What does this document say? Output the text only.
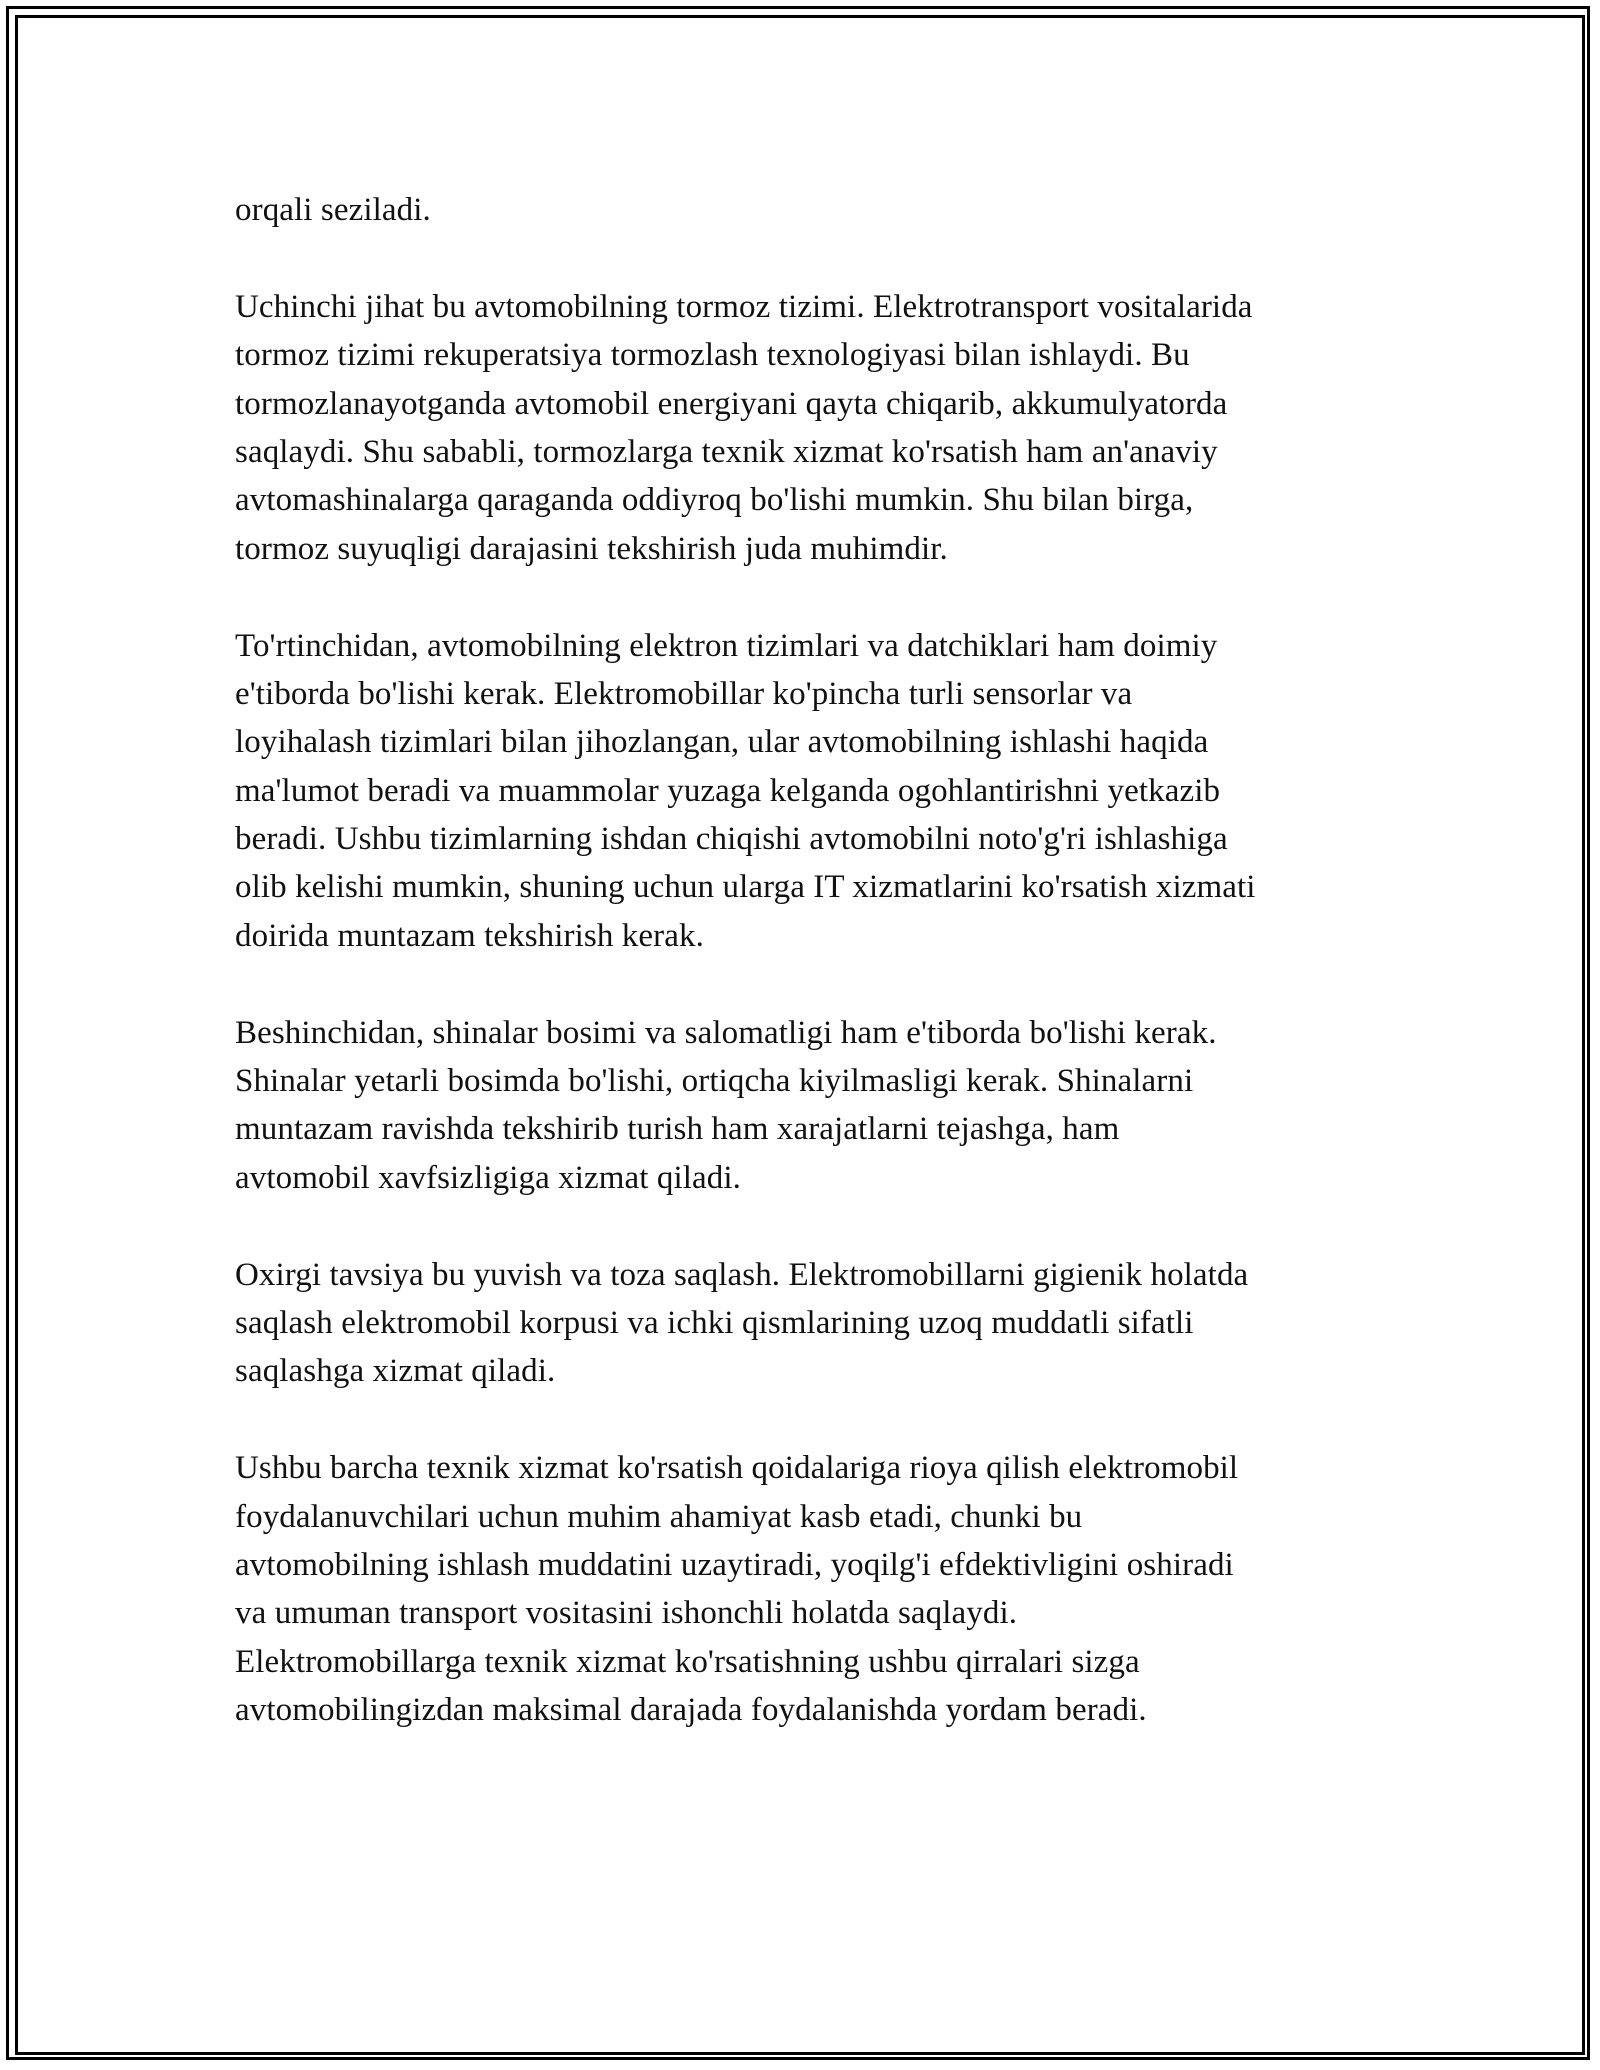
orqali seziladi.
Uchinchi jihat bu avtomobilning tormoz tizimi. Elektrotransport vositalarida
tormoz tizimi rekuperatsiya tormozlash texnologiyasi bilan ishlaydi. Bu
tormozlanayotganda avtomobil energiyani qayta chiqarib, akkumulyatorda
saqlaydi. Shu sababli, tormozlarga texnik xizmat ko'rsatish ham an'anaviy
avtomashinalarga qaraganda oddiyroq bo'lishi mumkin. Shu bilan birga,
tormoz suyuqligi darajasini tekshirish juda muhimdir.
To'rtinchidan, avtomobilning elektron tizimlari va datchiklari ham doimiy
e'tiborda bo'lishi kerak. Elektromobillar ko'pincha turli sensorlar va
loyihalash tizimlari bilan jihozlangan, ular avtomobilning ishlashi haqida
ma'lumot beradi va muammolar yuzaga kelganda ogohlantirishni yetkazib
beradi. Ushbu tizimlarning ishdan chiqishi avtomobilni noto'g'ri ishlashiga
olib kelishi mumkin, shuning uchun ularga IT xizmatlarini ko'rsatish xizmati
doirida muntazam tekshirish kerak.
Beshinchidan, shinalar bosimi va salomatligi ham e'tiborda bo'lishi kerak.
Shinalar yetarli bosimda bo'lishi, ortiqcha kiyilmasligi kerak. Shinalarni
muntazam ravishda tekshirib turish ham xarajatlarni tejashga, ham
avtomobil xavfsizligiga xizmat qiladi.
Oxirgi tavsiya bu yuvish va toza saqlash. Elektromobillarni gigienik holatda
saqlash elektromobil korpusi va ichki qismlarining uzoq muddatli sifatli
saqlashga xizmat qiladi.
Ushbu barcha texnik xizmat ko'rsatish qoidalariga rioya qilish elektromobil
foydalanuvchilari uchun muhim ahamiyat kasb etadi, chunki bu
avtomobilning ishlash muddatini uzaytiradi, yoqilg'i efdektivligini oshiradi
va umuman transport vositasini ishonchli holatda saqlaydi.
Elektromobillarga texnik xizmat ko'rsatishning ushbu qirralari sizga
avtomobilingizdan maksimal darajada foydalanishda yordam beradi.
